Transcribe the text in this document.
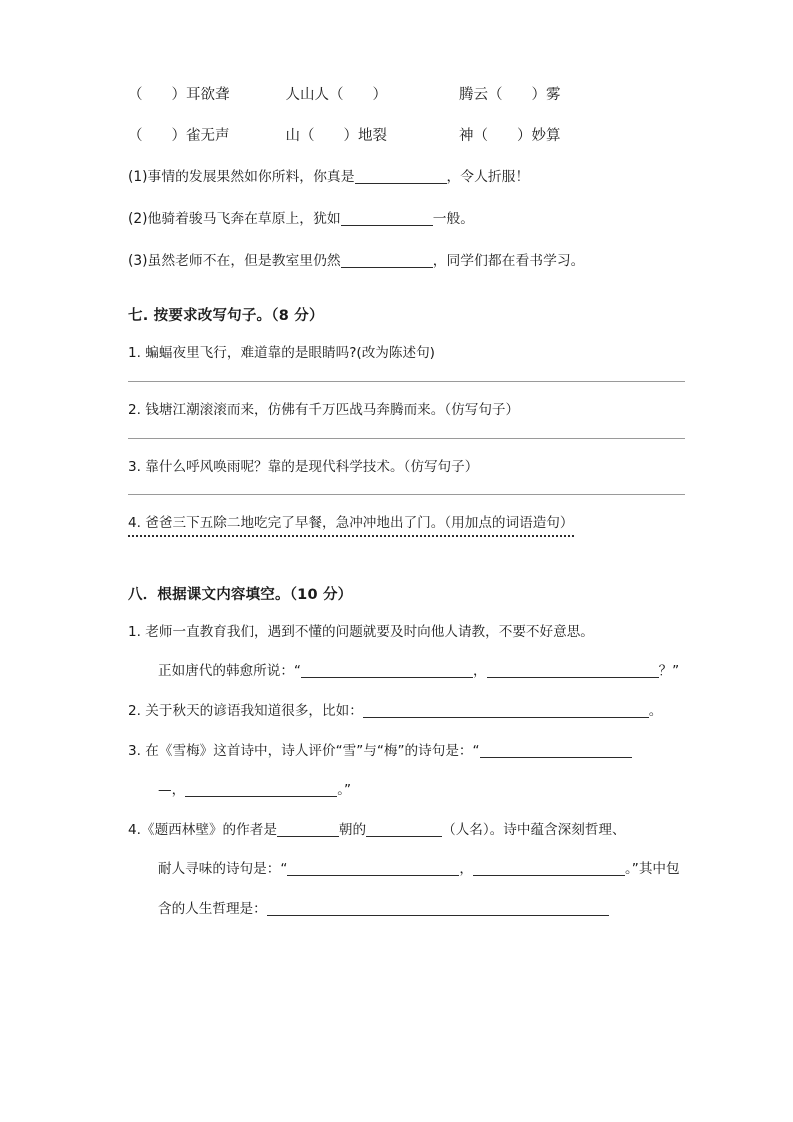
（　　） 耳欲聋	人山人 （　　）	腾云 （　　） 雾
（　　） 雀无声	山 （　　） 地裂	神 （　　） 妙算
(1)事情的发展果然如你所料，你真是	，令人折服！
(2)他骑着骏马飞奔在草原上，犹如	一般。
(3)虽然老师不在，但是教室里仍然	，同学们都在看书学习。
七. 按要求改写句子。（8 分）
1. 蝙蝠夜里飞行，难道靠的是眼睛吗?(改为陈述句)
2. 钱塘江潮滚滚而来，仿佛有千万匹战马奔腾而来。（仿写句子）
3. 靠什么呼风唤雨呢？靠的是现代科学技术。（仿写句子）
4. 爸爸三下五除二地吃完了早餐，急冲冲地出了门。（用加点的词语造句）
八．根据课文内容填空。（10 分）
1. 老师一直教育我们，遇到不懂的问题就要及时向他人请教，不要不好意思。
正如唐代的韩愈所说：“	，	？”
2. 关于秋天的谚语我知道很多，比如：	。
3. 在《雪梅》这首诗中，诗人评价“雪”与“梅”的诗句是：“
—，	。”
4.《题西林壁》的作者是	朝的	（人名）。诗中蕴含深刻哲理、
耐人寻味的诗句是：“	，	。”其中包
含的人生哲理是：
